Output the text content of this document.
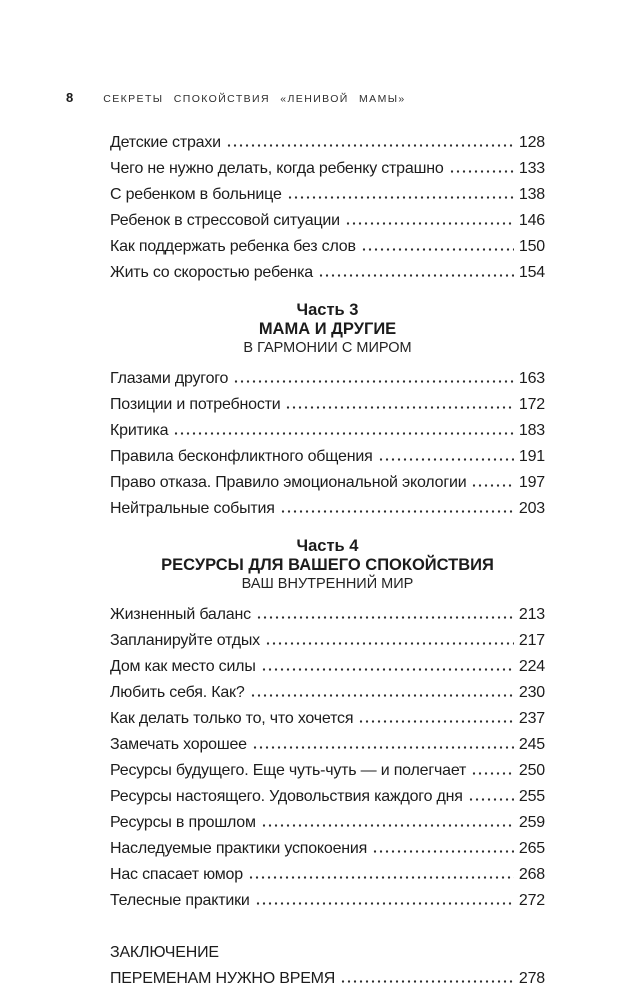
8	СЕКРЕТЫ СПОКОЙСТВИЯ «ЛЕНИВОЙ МАМЫ»
Детские страхи	128
Чего не нужно делать, когда ребенку страшно	133
С ребенком в больнице	138
Ребенок в стрессовой ситуации	146
Как поддержать ребенка без слов	150
Жить со скоростью ребенка	154
Часть 3
МАМА И ДРУГИЕ
В ГАРМОНИИ С МИРОМ
Глазами другого	163
Позиции и потребности	172
Критика	183
Правила бесконфликтного общения	191
Право отказа. Правило эмоциональной экологии	197
Нейтральные события	203
Часть 4
РЕСУРСЫ ДЛЯ ВАШЕГО СПОКОЙСТВИЯ
ВАШ ВНУТРЕННИЙ МИР
Жизненный баланс	213
Запланируйте отдых	217
Дом как место силы	224
Любить себя. Как?	230
Как делать только то, что хочется	237
Замечать хорошее	245
Ресурсы будущего. Еще чуть-чуть — и полегчает	250
Ресурсы настоящего. Удовольствия каждого дня	255
Ресурсы в прошлом	259
Наследуемые практики успокоения	265
Нас спасает юмор	268
Телесные практики	272
ЗАКЛЮЧЕНИЕ
ПЕРЕМЕНАМ НУЖНО ВРЕМЯ	278
